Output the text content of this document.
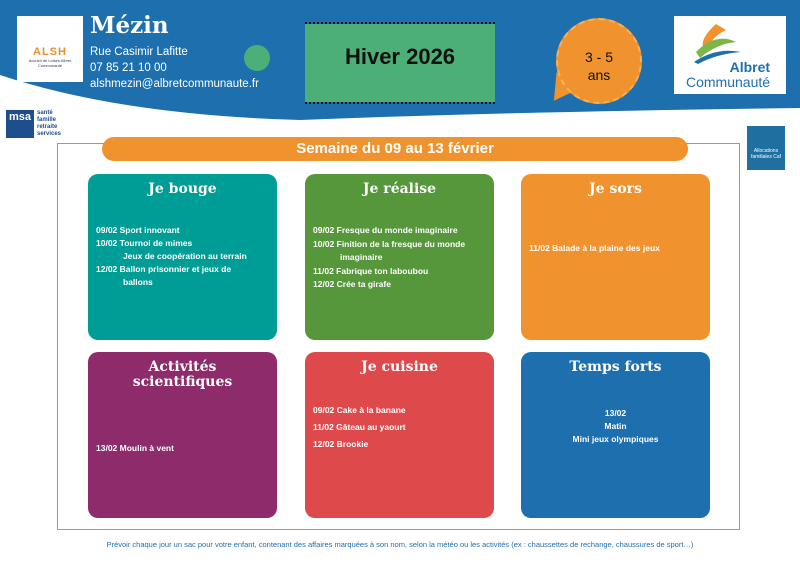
ALSH
Accueil de Loisirs Albret Communauté
Mézin
Rue Casimir Lafitte
07 85 21 10 00
alshmezin@albretcommunaute.fr
Hiver 2026	3 - 5
ans	Albret
Communauté
msa santé
famille
retraite
services
Allocations familiales Caf
Semaine du 09 au 13 février
Je bouge
09/02 Sport innovant
10/02 Tournoi de mimes
Jeux de coopération au terrain
12/02 Ballon prisonnier et jeux de
ballons
Je réalise
09/02 Fresque du monde imaginaire
10/02 Finition de la fresque du monde
imaginaire
11/02 Fabrique ton laboubou
12/02 Crée ta girafe
Je sors
11/02 Balade à la plaine des jeux
Activités scientifiques
13/02 Moulin à vent
Je cuisine
09/02 Cake à la banane
11/02 Gâteau au yaourt
12/02 Brookie
Temps forts
13/02
Matin
Mini jeux olympiques
Prévoir chaque jour un sac pour votre enfant, contenant des affaires marquées à son nom, selon la météo ou les activités (ex : chaussettes de rechange, chaussures de sport…)
